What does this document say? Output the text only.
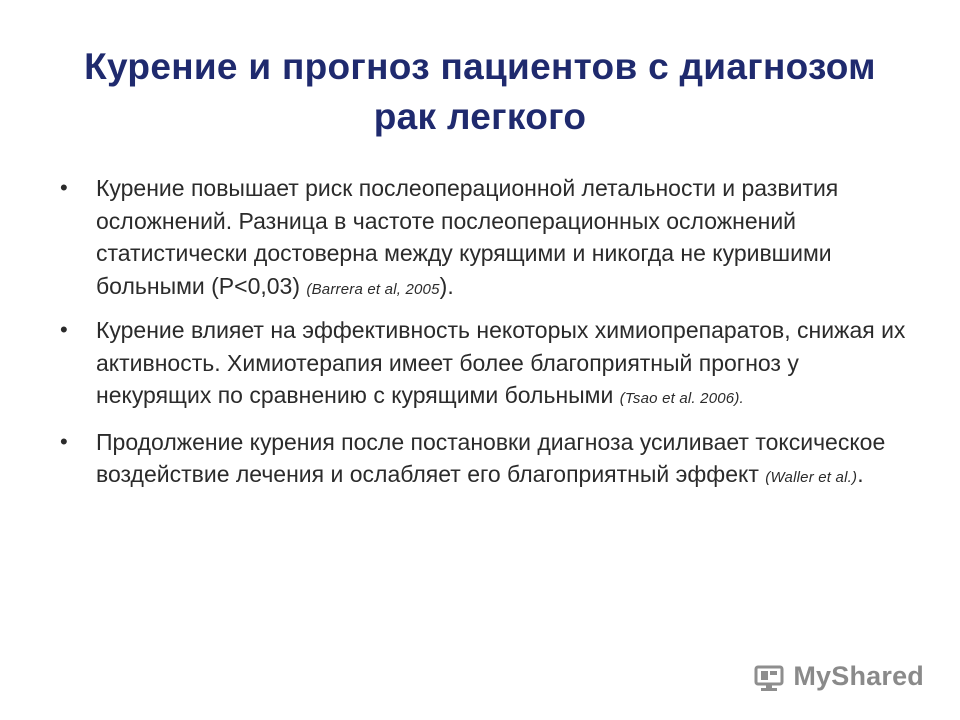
Курение и прогноз пациентов с диагнозом рак легкого
• Курение повышает риск послеоперационной летальности и развития осложнений. Разница в частоте послеоперационных осложнений статистически достоверна между курящими и никогда не курившими больными (Р<0,03) (Barrera et al, 2005).
• Курение влияет на эффективность некоторых химиопрепаратов, снижая их активность. Химиотерапия имеет более благоприятный прогноз у некурящих по сравнению с курящими больными (Tsao et al. 2006).
• Продолжение курения после постановки диагноза усиливает токсическое воздействие лечения и ослабляет его благоприятный эффект (Waller et al.).
MyShared
